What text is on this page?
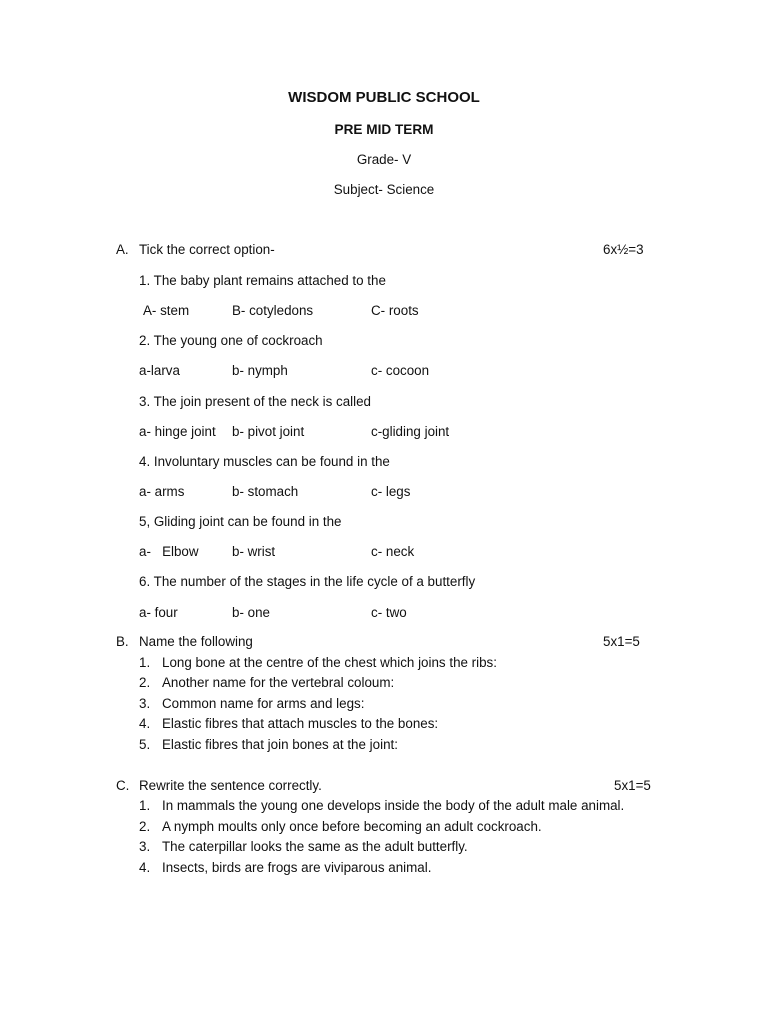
WISDOM PUBLIC SCHOOL
PRE MID TERM
Grade- V
Subject- Science
A. Tick the correct option-	6x½=3
1. The baby plant remains attached to the
A- stem	B- cotyledons	C- roots
2. The young one of cockroach
a-larva	b- nymph	c- cocoon
3. The join present of the neck is called
a- hinge joint b- pivot joint	c-gliding joint
4. Involuntary muscles can be found in the
a- arms	b- stomach	c- legs
5, Gliding joint can be found in the
a-   Elbow b- wrist	c- neck
6. The number of the stages in the life cycle of a butterfly
a- four	b- one	c- two
B. Name the following	5x1=5
1. Long bone at the centre of the chest which joins the ribs:
2. Another name for the vertebral coloum:
3. Common name for arms and legs:
4. Elastic fibres that attach muscles to the bones:
5. Elastic fibres that join bones at the joint:
C. Rewrite the sentence correctly.	5x1=5
1. In mammals the young one develops inside the body of the adult male animal.
2. A nymph moults only once before becoming an adult cockroach.
3. The caterpillar looks the same as the adult butterfly.
4. Insects, birds are frogs are viviparous animal.
